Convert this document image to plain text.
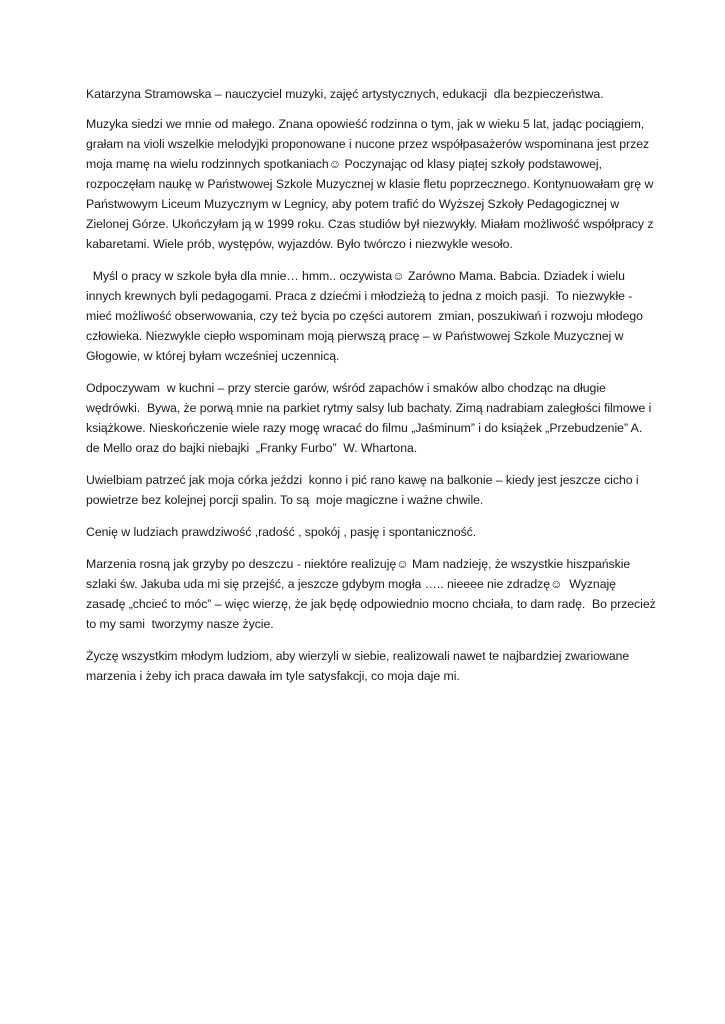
Katarzyna Stramowska – nauczyciel muzyki, zajęć artystycznych, edukacji  dla bezpieczeństwa.

Muzyka siedzi we mnie od małego. Znana opowieść rodzinna o tym, jak w wieku 5 lat, jadąc pociągiem, grałam na violi wszelkie melodyjki proponowane i nucone przez współpasażerów wspominana jest przez moja mamę na wielu rodzinnych spotkaniach☺ Poczynając od klasy piątej szkoły podstawowej, rozpoczęłam naukę w Państwowej Szkole Muzycznej w klasie fletu poprzecznego. Kontynuowałam grę w Państwowym Liceum Muzycznym w Legnicy, aby potem trafić do Wyższej Szkoły Pedagogicznej w Zielonej Górze. Ukończyłam ją w 1999 roku. Czas studiów był niezwykły. Miałam możliwość współpracy z kabaretami. Wiele prób, występów, wyjazdów. Było twórczo i niezwykle wesoło.

Myśl o pracy w szkole była dla mnie… hmm.. oczywista☺ Zarówno Mama. Babcia. Dziadek i wielu innych krewnych byli pedagogami. Praca z dziećmi i młodzieżą to jedna z moich pasji.  To niezwykłe - mieć możliwość obserwowania, czy też bycia po części autorem  zmian, poszukiwań i rozwoju młodego człowieka. Niezwykle ciepło wspominam moją pierwszą pracę – w Państwowej Szkole Muzycznej w Głogowie, w której byłam wcześniej uczennicą.

Odpoczywam  w kuchni – przy stercie garów, wśród zapachów i smaków albo chodząc na długie wędrówki.  Bywa, że porwą mnie na parkiet rytmy salsy lub bachaty. Zimą nadrabiam zaległości filmowe i książkowe. Nieskończenie wiele razy mogę wracać do filmu „Jaśminum” i do książek „Przebudzenie” A. de Mello oraz do bajki niebajki  „Franky Furbo”  W. Whartona.

Uwielbiam patrzeć jak moja córka jeździ  konno i pić rano kawę na balkonie – kiedy jest jeszcze cicho i powietrze bez kolejnej porcji spalin. To są  moje magiczne i ważne chwile.

Cenię w ludziach prawdziwość ,radość , spokój , pasję i spontaniczność.

Marzenia rosną jak grzyby po deszczu - niektóre realizuję☺ Mam nadzieję, że wszystkie hiszpańskie szlaki św. Jakuba uda mi się przejść, a jeszcze gdybym mogła ….. nieeee nie zdradzę☺  Wyznaję zasadę „chcieć to móc” – więc wierzę, że jak będę odpowiednio mocno chciała, to dam radę.  Bo przecież to my sami  tworzymy nasze życie.

Życzę wszystkim młodym ludziom, aby wierzyli w siebie, realizowali nawet te najbardziej zwariowane marzenia i żeby ich praca dawała im tyle satysfakcji, co moja daje mi.
